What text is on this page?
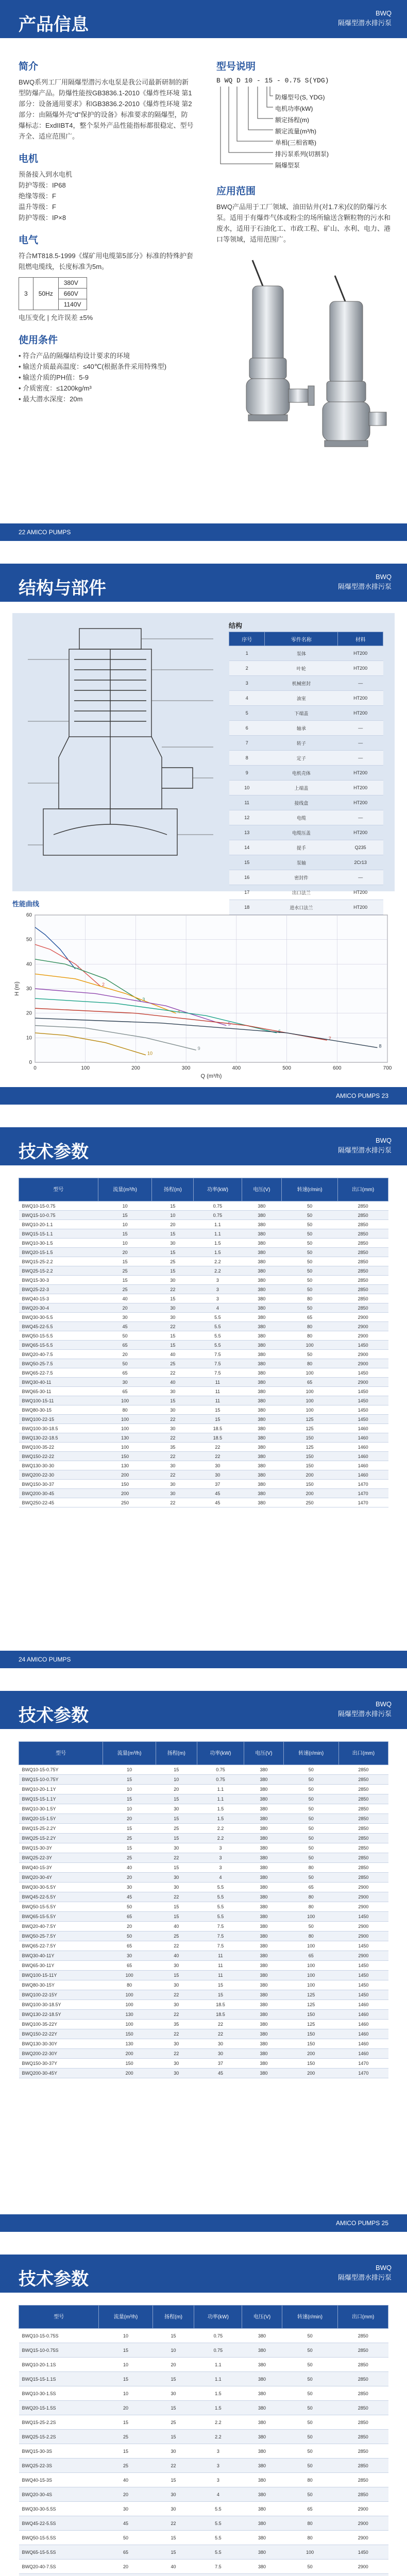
产品信息
BWQ
隔爆型潜水排污泵
简介
BWQ系列工厂用隔爆型潜污水电泵是我公司最新研制的新型防爆产品。防爆性能按GB3836.1-2010《爆炸性环境 第1部分：设备通用要求》和GB3836.2-2010《爆炸性环境 第2部分：由隔爆外壳"d"保护的设备》标准要求的隔爆型，防爆标志：ExdIIBT4，整个泵外产品性能指标都很稳定、型号齐全、适应范围广。
电机
预备接入到水电机
防护等级：IP68
绝缘等级：F
温升等级：F
防护等级：IP×8
电气
符合MT818.5-1999《煤矿用电缆第5部分》标准的特殊护套阻燃电缆线，长度标准为5m。
3	50Hz	380V
660V
1140V
电压变化 | 允许误差 ±5%
使用条件
• 符合产品的隔爆结构设计要求的环境
• 输送介质最高温度：≤40℃(根据条件采用特殊型)
• 输送介质的PH值：5-9
• 介质密度：≤1200kg/m³
• 最大潜水深度：20m
型号说明
B WQ D 10 - 15 - 0.75 S(YDG)
防爆型号(S, YDG)
电机功率(kW)
额定扬程(m)
额定流量(m³/h)
单相(三相省略)
排污泵系列(切割泵)
隔爆型泵
应用范围
BWQ产品用于工厂领域、油田钻井(对1.7米)仪的防爆污水泵。适用于有爆炸气体或粉尘的场所输送含颗粒物的污水和废水，适用于石油化工、市政工程、矿山、水利、电力、港口等领域，适用范围广。
22 AMICO PUMPS
结构与部件
BWQ
隔爆型潜水排污泵
结构
序号	零件名称	材料
1	泵体	HT200
2	叶轮	HT200
3	机械密封	—
4	油室	HT200
5	下端盖	HT200
6	轴承	—
7	转子	—
8	定子	—
9	电机壳体	HT200
10	上端盖	HT200
11	接线盒	HT200
12	电缆	—
13	电缆压盖	HT200
14	提手	Q235
15	泵轴	2Cr13
16	密封件	—
17	出口法兰	HT200
18	进水口法兰	HT200

性能曲线
0	100	200	300	400	500	600	700
0
10
20
30
40
50
60
Q (m³/h)
H (m)
1
2
3
4
5
6
7
8
9
10
AMICO PUMPS 23
技术参数
BWQ
隔爆型潜水排污泵
型号	流量(m³/h)	扬程(m)	功率(kW)	电压(V)	转速(r/min)	出口(mm)
BWQ10-15-0.75	10	15	0.75	380	50	2850
BWQ15-10-0.75	15	10	0.75	380	50	2850
BWQ10-20-1.1	10	20	1.1	380	50	2850
BWQ15-15-1.1	15	15	1.1	380	50	2850
BWQ10-30-1.5	10	30	1.5	380	50	2850
BWQ20-15-1.5	20	15	1.5	380	50	2850
BWQ15-25-2.2	15	25	2.2	380	50	2850
BWQ25-15-2.2	25	15	2.2	380	50	2850
BWQ15-30-3	15	30	3	380	50	2850
BWQ25-22-3	25	22	3	380	50	2850
BWQ40-15-3	40	15	3	380	80	2850
BWQ20-30-4	20	30	4	380	50	2850
BWQ30-30-5.5	30	30	5.5	380	65	2900
BWQ45-22-5.5	45	22	5.5	380	80	2900
BWQ50-15-5.5	50	15	5.5	380	80	2900
BWQ65-15-5.5	65	15	5.5	380	100	1450
BWQ20-40-7.5	20	40	7.5	380	50	2900
BWQ50-25-7.5	50	25	7.5	380	80	2900
BWQ65-22-7.5	65	22	7.5	380	100	1450
BWQ30-40-11	30	40	11	380	65	2900
BWQ65-30-11	65	30	11	380	100	1450
BWQ100-15-11	100	15	11	380	100	1450
BWQ80-30-15	80	30	15	380	100	1450
BWQ100-22-15	100	22	15	380	125	1450
BWQ100-30-18.5	100	30	18.5	380	125	1460
BWQ130-22-18.5	130	22	18.5	380	150	1460
BWQ100-35-22	100	35	22	380	125	1460
BWQ150-22-22	150	22	22	380	150	1460
BWQ130-30-30	130	30	30	380	150	1460
BWQ200-22-30	200	22	30	380	200	1460
BWQ150-30-37	150	30	37	380	150	1470
BWQ200-30-45	200	30	45	380	200	1470
BWQ250-22-45	250	22	45	380	250	1470
24 AMICO PUMPS
技术参数
BWQ
隔爆型潜水排污泵
型号	流量(m³/h)	扬程(m)	功率(kW)	电压(V)	转速(r/min)	出口(mm)
BWQ10-15-0.75Y	10	15	0.75	380	50	2850
BWQ15-10-0.75Y	15	10	0.75	380	50	2850
BWQ10-20-1.1Y	10	20	1.1	380	50	2850
BWQ15-15-1.1Y	15	15	1.1	380	50	2850
BWQ10-30-1.5Y	10	30	1.5	380	50	2850
BWQ20-15-1.5Y	20	15	1.5	380	50	2850
BWQ15-25-2.2Y	15	25	2.2	380	50	2850
BWQ25-15-2.2Y	25	15	2.2	380	50	2850
BWQ15-30-3Y	15	30	3	380	50	2850
BWQ25-22-3Y	25	22	3	380	50	2850
BWQ40-15-3Y	40	15	3	380	80	2850
BWQ20-30-4Y	20	30	4	380	50	2850
BWQ30-30-5.5Y	30	30	5.5	380	65	2900
BWQ45-22-5.5Y	45	22	5.5	380	80	2900
BWQ50-15-5.5Y	50	15	5.5	380	80	2900
BWQ65-15-5.5Y	65	15	5.5	380	100	1450
BWQ20-40-7.5Y	20	40	7.5	380	50	2900
BWQ50-25-7.5Y	50	25	7.5	380	80	2900
BWQ65-22-7.5Y	65	22	7.5	380	100	1450
BWQ30-40-11Y	30	40	11	380	65	2900
BWQ65-30-11Y	65	30	11	380	100	1450
BWQ100-15-11Y	100	15	11	380	100	1450
BWQ80-30-15Y	80	30	15	380	100	1450
BWQ100-22-15Y	100	22	15	380	125	1450
BWQ100-30-18.5Y	100	30	18.5	380	125	1460
BWQ130-22-18.5Y	130	22	18.5	380	150	1460
BWQ100-35-22Y	100	35	22	380	125	1460
BWQ150-22-22Y	150	22	22	380	150	1460
BWQ130-30-30Y	130	30	30	380	150	1460
BWQ200-22-30Y	200	22	30	380	200	1460
BWQ150-30-37Y	150	30	37	380	150	1470
BWQ200-30-45Y	200	30	45	380	200	1470
AMICO PUMPS 25
技术参数
BWQ
隔爆型潜水排污泵
型号	流量(m³/h)	扬程(m)	功率(kW)	电压(V)	转速(r/min)	出口(mm)
BWQ10-15-0.75S	10	15	0.75	380	50	2850
BWQ15-10-0.75S	15	10	0.75	380	50	2850
BWQ10-20-1.1S	10	20	1.1	380	50	2850
BWQ15-15-1.1S	15	15	1.1	380	50	2850
BWQ10-30-1.5S	10	30	1.5	380	50	2850
BWQ20-15-1.5S	20	15	1.5	380	50	2850
BWQ15-25-2.2S	15	25	2.2	380	50	2850
BWQ25-15-2.2S	25	15	2.2	380	50	2850
BWQ15-30-3S	15	30	3	380	50	2850
BWQ25-22-3S	25	22	3	380	50	2850
BWQ40-15-3S	40	15	3	380	80	2850
BWQ20-30-4S	20	30	4	380	50	2850
BWQ30-30-5.5S	30	30	5.5	380	65	2900
BWQ45-22-5.5S	45	22	5.5	380	80	2900
BWQ50-15-5.5S	50	15	5.5	380	80	2900
BWQ65-15-5.5S	65	15	5.5	380	100	1450
BWQ20-40-7.5S	20	40	7.5	380	50	2900
